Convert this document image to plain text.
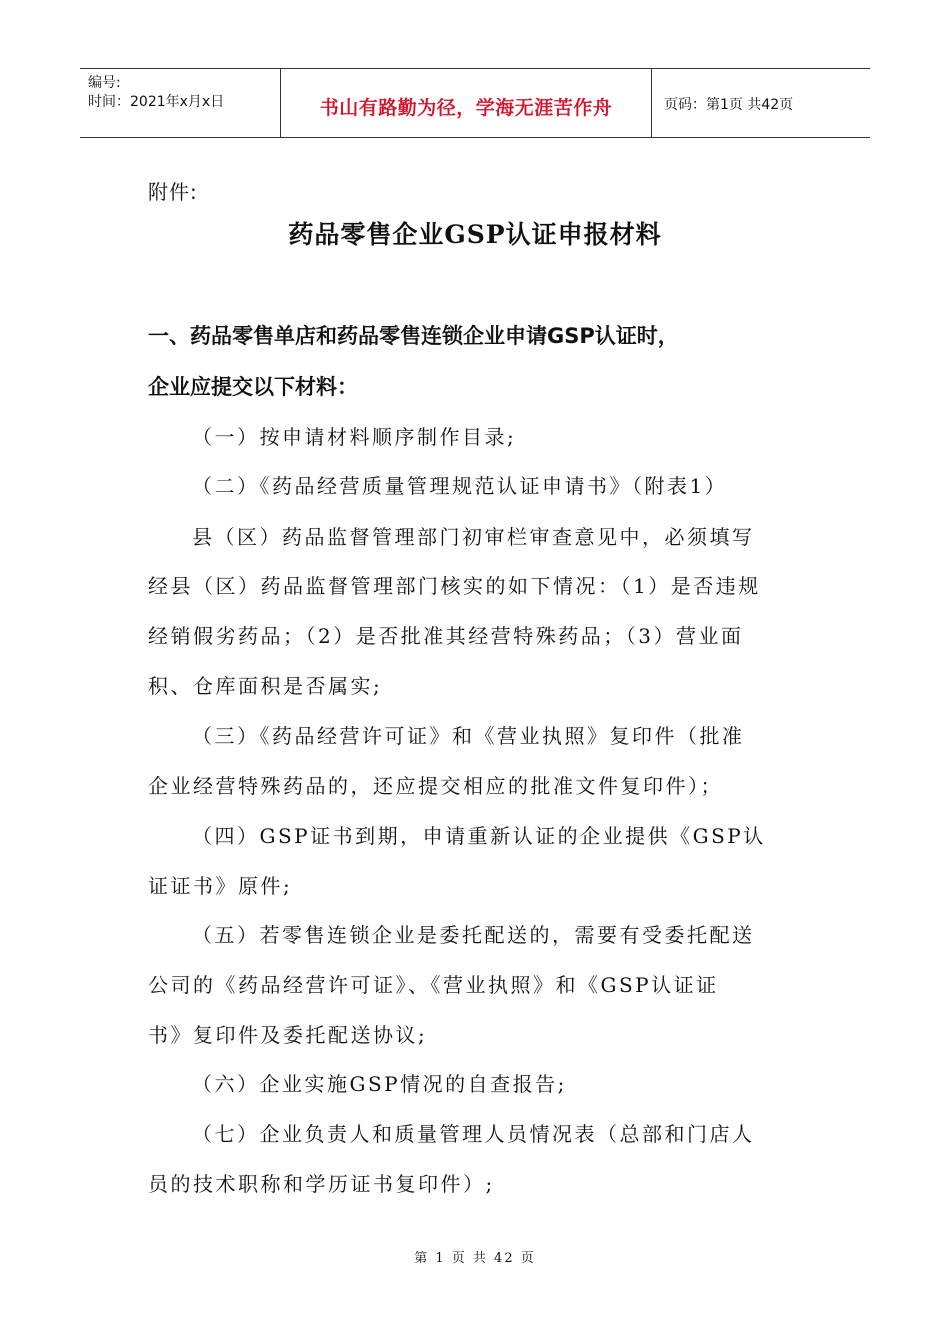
编号:
时间：2021年x月x日	书山有路勤为径，学海无涯苦作舟	页码：第1页 共42页
附件:
药品零售企业GSP认证申报材料
一、药品零售单店和药品零售连锁企业申请GSP认证时，
企业应提交以下材料：
（一）按申请材料顺序制作目录;
（二）《药品经营质量管理规范认证申请书》（附表1）
县（区）药品监督管理部门初审栏审查意见中，必须填写
经县（区）药品监督管理部门核实的如下情况：（1）是否违规
经销假劣药品；（2）是否批准其经营特殊药品；（3）营业面
积、仓库面积是否属实;
（三）《药品经营许可证》和《营业执照》复印件（批准
企业经营特殊药品的，还应提交相应的批准文件复印件）；
（四）GSP证书到期，申请重新认证的企业提供《GSP认
证证书》原件;
（五）若零售连锁企业是委托配送的，需要有受委托配送
公司的《药品经营许可证》、《营业执照》和《GSP认证证
书》复印件及委托配送协议;
（六）企业实施GSP情况的自查报告;
（七）企业负责人和质量管理人员情况表（总部和门店人
员的技术职称和学历证书复印件）;
第 1 页 共 42 页
